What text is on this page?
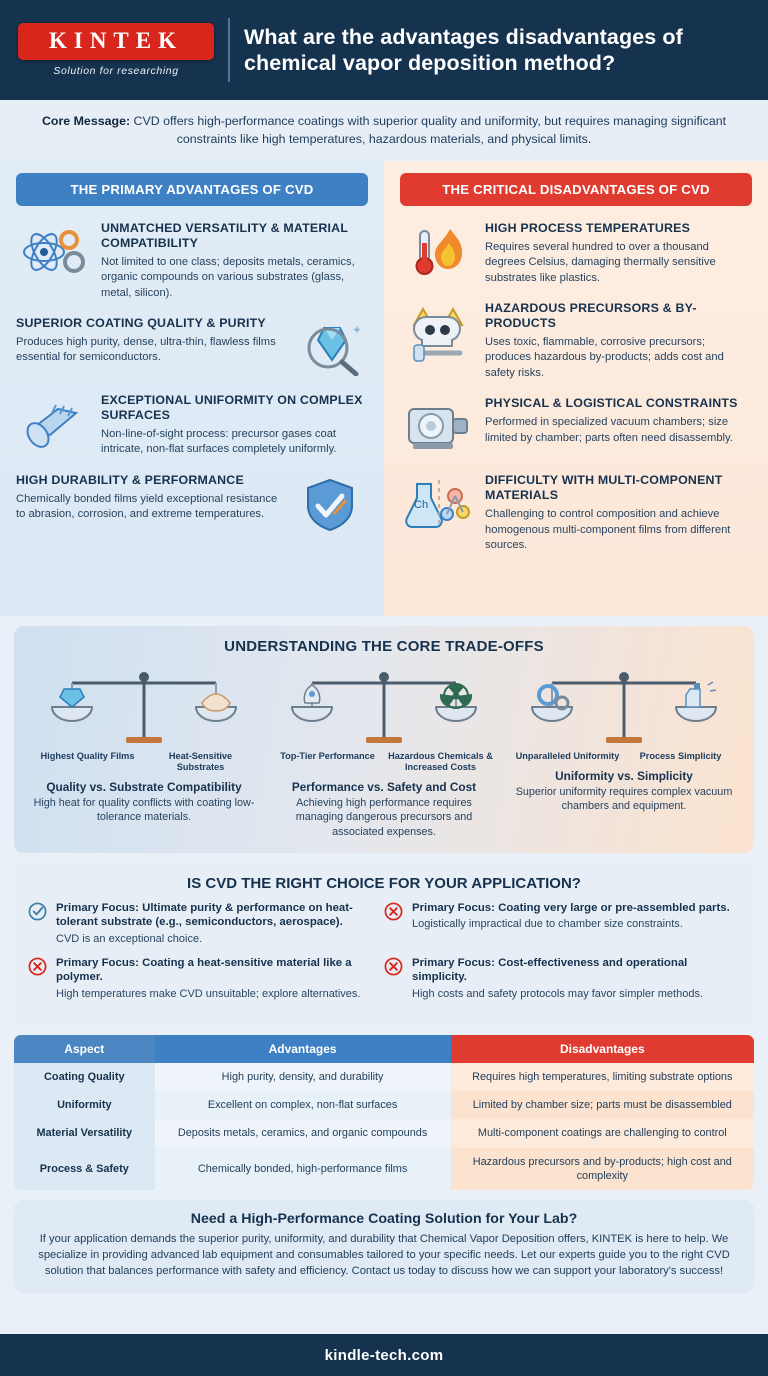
KINTEK
Solution for researching
What are the advantages disadvantages of chemical vapor deposition method?
Core Message: CVD offers high-performance coatings with superior quality and uniformity, but requires managing significant constraints like high temperatures, hazardous materials, and physical limits.
THE PRIMARY ADVANTAGES OF CVD
UNMATCHED VERSATILITY & MATERIAL COMPATIBILITY
Not limited to one class; deposits metals, ceramics, organic compounds on various substrates (glass, metal, silicon).
✦
SUPERIOR COATING QUALITY & PURITY
Produces high purity, dense, ultra-thin, flawless films essential for semiconductors.
EXCEPTIONAL UNIFORMITY ON COMPLEX SURFACES
Non-line-of-sight process: precursor gases coat intricate, non-flat surfaces completely uniformly.
HIGH DURABILITY & PERFORMANCE
Chemically bonded films yield exceptional resistance to abrasion, corrosion, and extreme temperatures.
THE CRITICAL DISADVANTAGES OF CVD
HIGH PROCESS TEMPERATURES
Requires several hundred to over a thousand degrees Celsius, damaging thermally sensitive substrates like plastics.
HAZARDOUS PRECURSORS & BY-PRODUCTS
Uses toxic, flammable, corrosive precursors; produces hazardous by-products; adds cost and safety risks.
PHYSICAL & LOGISTICAL CONSTRAINTS
Performed in specialized vacuum chambers; size limited by chamber; parts often need disassembly.
Ch
DIFFICULTY WITH MULTI-COMPONENT MATERIALS
Challenging to control composition and achieve homogenous multi-component films from different sources.
UNDERSTANDING THE CORE TRADE-OFFS
Highest Quality Films	Heat-Sensitive Substrates
Quality vs. Substrate Compatibility
High heat for quality conflicts with coating low-tolerance materials.
Top-Tier Performance	Hazardous Chemicals & Increased Costs
Performance vs. Safety and Cost
Achieving high performance requires managing dangerous precursors and associated expenses.
Unparalleled Uniformity	Process Simplicity
Uniformity vs. Simplicity
Superior uniformity requires complex vacuum chambers and equipment.
IS CVD THE RIGHT CHOICE FOR YOUR APPLICATION?
Primary Focus: Ultimate purity & performance on heat-tolerant substrate (e.g., semiconductors, aerospace).
CVD is an exceptional choice.
Primary Focus: Coating very large or pre-assembled parts.
Logistically impractical due to chamber size constraints.
Primary Focus: Coating a heat-sensitive material like a polymer.
High temperatures make CVD unsuitable; explore alternatives.
Primary Focus: Cost-effectiveness and operational simplicity.
High costs and safety protocols may favor simpler methods.
Aspect	Advantages	Disadvantages
Coating Quality	High purity, density, and durability	Requires high temperatures, limiting substrate options
Uniformity	Excellent on complex, non-flat surfaces	Limited by chamber size; parts must be disassembled
Material Versatility	Deposits metals, ceramics, and organic compounds	Multi-component coatings are challenging to control
Process & Safety	Chemically bonded, high-performance films	Hazardous precursors and by-products; high cost and complexity
Need a High-Performance Coating Solution for Your Lab?
If your application demands the superior purity, uniformity, and durability that Chemical Vapor Deposition offers, KINTEK is here to help. We specialize in providing advanced lab equipment and consumables tailored to your specific needs. Let our experts guide you to the right CVD solution that balances performance with safety and efficiency. Contact us today to discuss how we can support your laboratory's success!
kindle-tech.com
